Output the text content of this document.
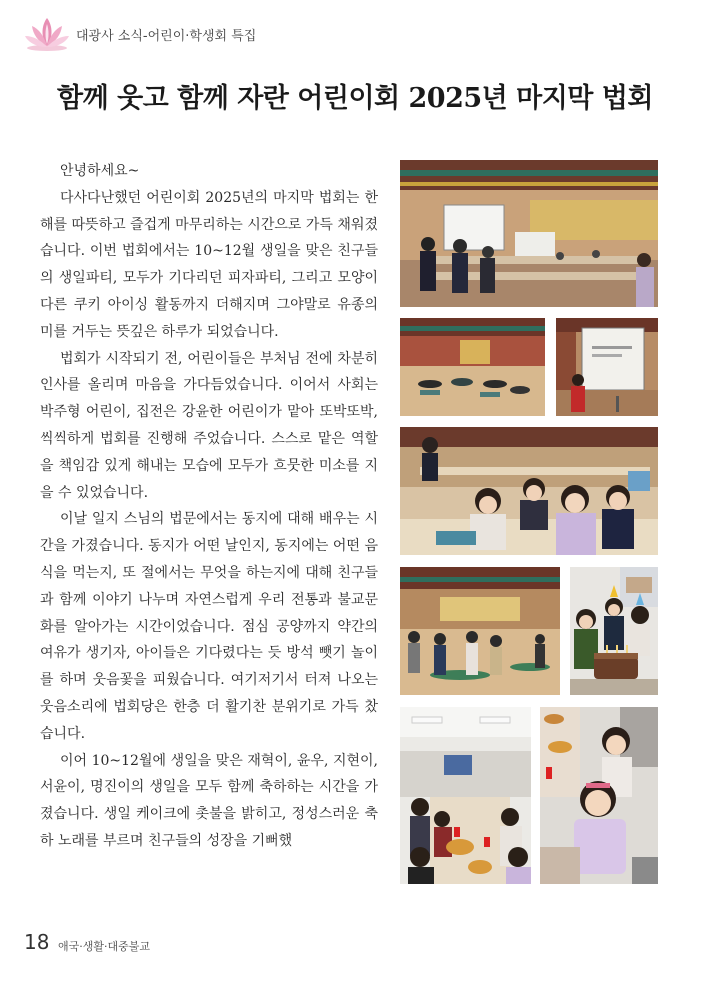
대광사 소식-어린이·학생회 특집
함께 웃고 함께 자란 어린이회 2025년 마지막 법회

안녕하세요~

다사다난했던 어린이회 2025년의 마지막 법회는 한 해를 따뜻하고 즐겁게 마무리하는 시간으로 가득 채워졌습니다. 이번 법회에서는 10~12월 생일을 맞은 친구들의 생일파티, 모두가 기다리던 피자파티, 그리고 모양이 다른 쿠키 아이싱 활동까지 더해지며 그야말로 유종의 미를 거두는 뜻깊은 하루가 되었습니다.

법회가 시작되기 전, 어린이들은 부처님 전에 차분히 인사를 올리며 마음을 가다듬었습니다. 이어서 사회는 박주형 어린이, 집전은 강윤한 어린이가 맡아 또박또박, 씩씩하게 법회를 진행해 주었습니다. 스스로 맡은 역할을 책임감 있게 해내는 모습에 모두가 흐뭇한 미소를 지을 수 있었습니다.

이날 일지 스님의 법문에서는 동지에 대해 배우는 시간을 가졌습니다. 동지가 어떤 날인지, 동지에는 어떤 음식을 먹는지, 또 절에서는 무엇을 하는지에 대해 친구들과 함께 이야기 나누며 자연스럽게 우리 전통과 불교문화를 알아가는 시간이었습니다. 점심 공양까지 약간의 여유가 생기자, 아이들은 기다렸다는 듯 방석 뺏기 놀이를 하며 웃음꽃을 피웠습니다. 여기저기서 터져 나오는 웃음소리에 법회당은 한층 더 활기찬 분위기로 가득 찼습니다.

이어 10~12월에 생일을 맞은 재혁이, 윤우, 지현이, 서윤이, 명진이의 생일을 모두 함께 축하하는 시간을 가졌습니다. 생일 케이크에 촛불을 밝히고, 정성스러운 축하 노래를 부르며 친구들의 성장을 기뻐했

18 애국·생활·대중불교
